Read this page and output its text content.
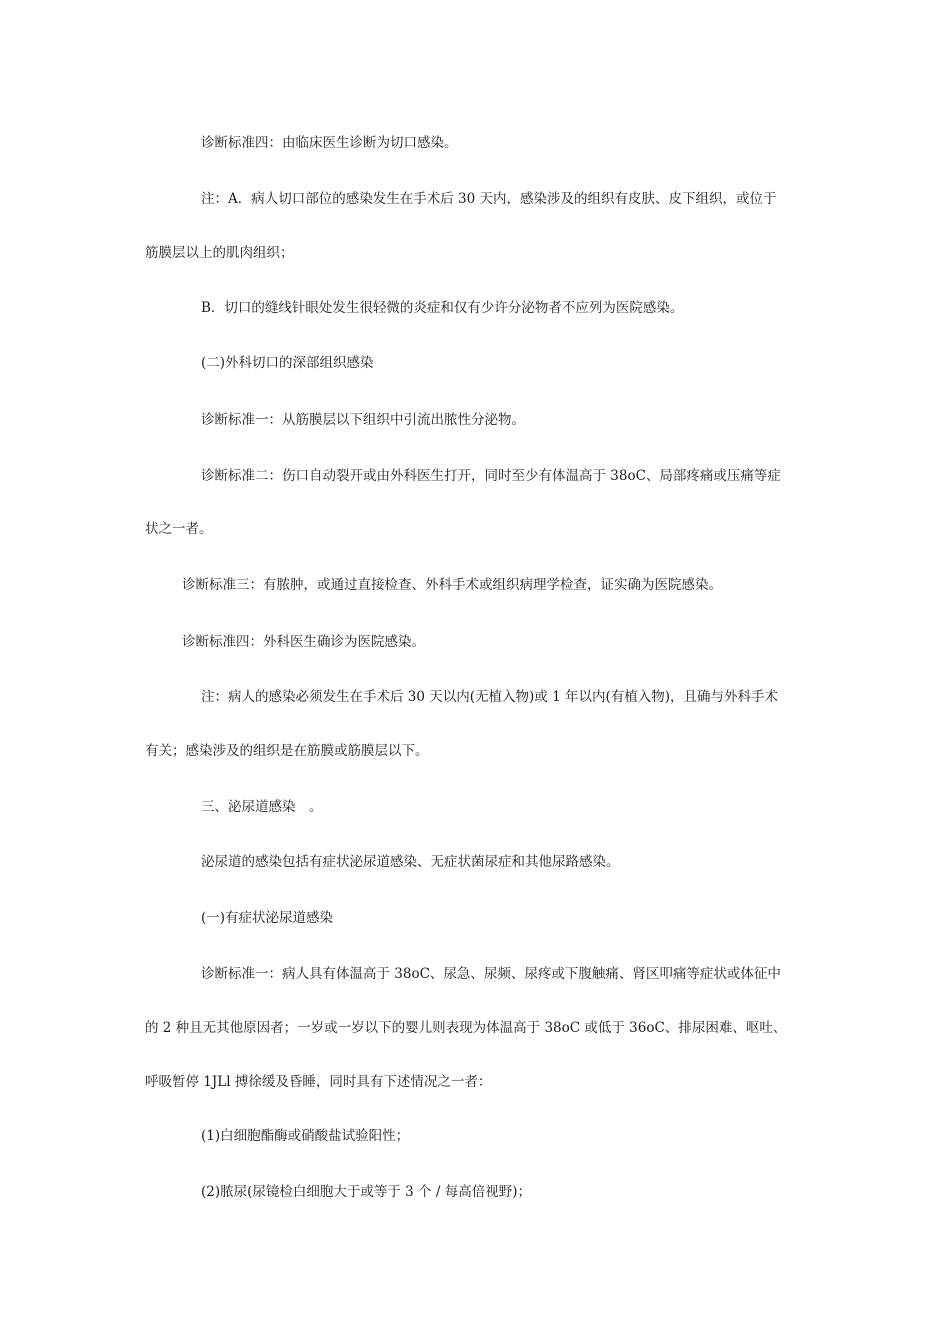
诊断标准四：由临床医生诊断为切口感染。
注：A．病人切口部位的感染发生在手术后 30 天内，感染涉及的组织有皮肤、皮下组织，或位于
筋膜层以上的肌肉组织；
B．切口的缝线针眼处发生很轻微的炎症和仅有少许分泌物者不应列为医院感染。
(二)外科切口的深部组织感染
诊断标准一：从筋膜层以下组织中引流出脓性分泌物。
诊断标准二：伤口自动裂开或由外科医生打开，同时至少有体温高于 38oC、局部疼痛或压痛等症
状之一者。
诊断标准三：有脓肿，或通过直接检查、外科手术或组织病理学检查，证实确为医院感染。
诊断标准四：外科医生确诊为医院感染。
注：病人的感染必须发生在手术后 30 天以内(无植入物)或 1 年以内(有植入物)，且确与外科手术
有关；感染涉及的组织是在筋膜或筋膜层以下。
三、泌尿道感染　。
泌尿道的感染包括有症状泌尿道感染、无症状菌尿症和其他尿路感染。
(一)有症状泌尿道感染
诊断标准一：病人具有体温高于 38oC、尿急、尿频、尿疼或下腹触痛、肾区叩痛等症状或体征中
的 2 种且无其他原因者；一岁或一岁以下的婴儿则表现为体温高于 38oC 或低于 36oC、排尿困难、呕吐、
呼吸暂停 1JLl 搏徐缓及昏睡，同时具有下述情况之一者：
(1)白细胞酯酶或硝酸盐试验阳性；
(2)脓尿(尿镜检白细胞大于或等于 3 个 / 每高倍视野)；
